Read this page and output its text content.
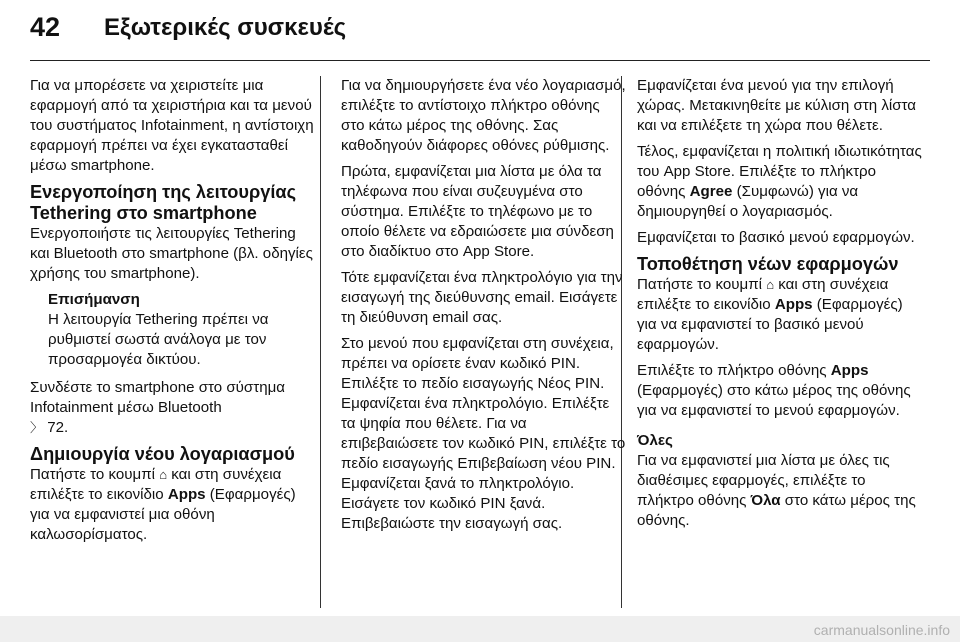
42 Εξωτερικές συσκευές

Για να μπορέσετε να χειριστείτε μια εφαρμογή από τα χειριστήρια και τα μενού του συστήματος Infotainment, η αντίστοιχη εφαρμογή πρέπει να έχει εγκατασταθεί μέσω smartphone.

Ενεργοποίηση της λειτουργίας Tethering στο smartphone

Ενεργοποιήστε τις λειτουργίες Tethering και Bluetooth στο smartphone (βλ. οδηγίες χρήσης του smartphone).

Επισήμανση
Η λειτουργία Tethering πρέπει να ρυθμιστεί σωστά ανάλογα με τον προσαρμογέα δικτύου.

Συνδέστε το smartphone στο σύστημα Infotainment μέσω Bluetooth
〉 72.

Δημιουργία νέου λογαριασμού

Πατήστε το κουμπί ⌂ και στη συνέχεια επιλέξτε το εικονίδιο Apps (Εφαρμογές) για να εμφανιστεί μια οθόνη καλωσορίσματος.

Για να δημιουργήσετε ένα νέο λογαριασμό, επιλέξτε το αντίστοιχο πλήκτρο οθόνης στο κάτω μέρος της οθόνης. Σας καθοδηγούν διάφορες οθόνες ρύθμισης.

Πρώτα, εμφανίζεται μια λίστα με όλα τα τηλέφωνα που είναι συζευγμένα στο σύστημα. Επιλέξτε το τηλέφωνο με το οποίο θέλετε να εδραιώσετε μια σύνδεση στο διαδίκτυο στο App Store.

Τότε εμφανίζεται ένα πληκτρολόγιο για την εισαγωγή της διεύθυνσης email. Εισάγετε τη διεύθυνση email σας.

Στο μενού που εμφανίζεται στη συνέχεια, πρέπει να ορίσετε έναν κωδικό PIN. Επιλέξτε το πεδίο εισαγωγής Νέος PIN. Εμφανίζεται ένα πληκτρολόγιο. Επιλέξτε τα ψηφία που θέλετε. Για να επιβεβαιώσετε τον κωδικό PIN, επιλέξτε το πεδίο εισαγωγής Επιβεβαίωση νέου PIN. Εμφανίζεται ξανά το πληκτρολόγιο. Εισάγετε τον κωδικό PIN ξανά. Επιβεβαιώστε την εισαγωγή σας.

Εμφανίζεται ένα μενού για την επιλογή χώρας. Μετακινηθείτε με κύλιση στη λίστα και να επιλέξετε τη χώρα που θέλετε.

Τέλος, εμφανίζεται η πολιτική ιδιωτικότητας του App Store. Επιλέξτε το πλήκτρο οθόνης Agree (Συμφωνώ) για να δημιουργηθεί ο λογαριασμός.

Εμφανίζεται το βασικό μενού εφαρμογών.

Τοποθέτηση νέων εφαρμογών

Πατήστε το κουμπί ⌂ και στη συνέχεια επιλέξτε το εικονίδιο Apps (Εφαρμογές) για να εμφανιστεί το βασικό μενού εφαρμογών.

Επιλέξτε το πλήκτρο οθόνης Apps (Εφαρμογές) στο κάτω μέρος της οθόνης για να εμφανιστεί το μενού εφαρμογών.

Όλες

Για να εμφανιστεί μια λίστα με όλες τις διαθέσιμες εφαρμογές, επιλέξτε το πλήκτρο οθόνης Όλα στο κάτω μέρος της οθόνης.

carmanualsonline.info
